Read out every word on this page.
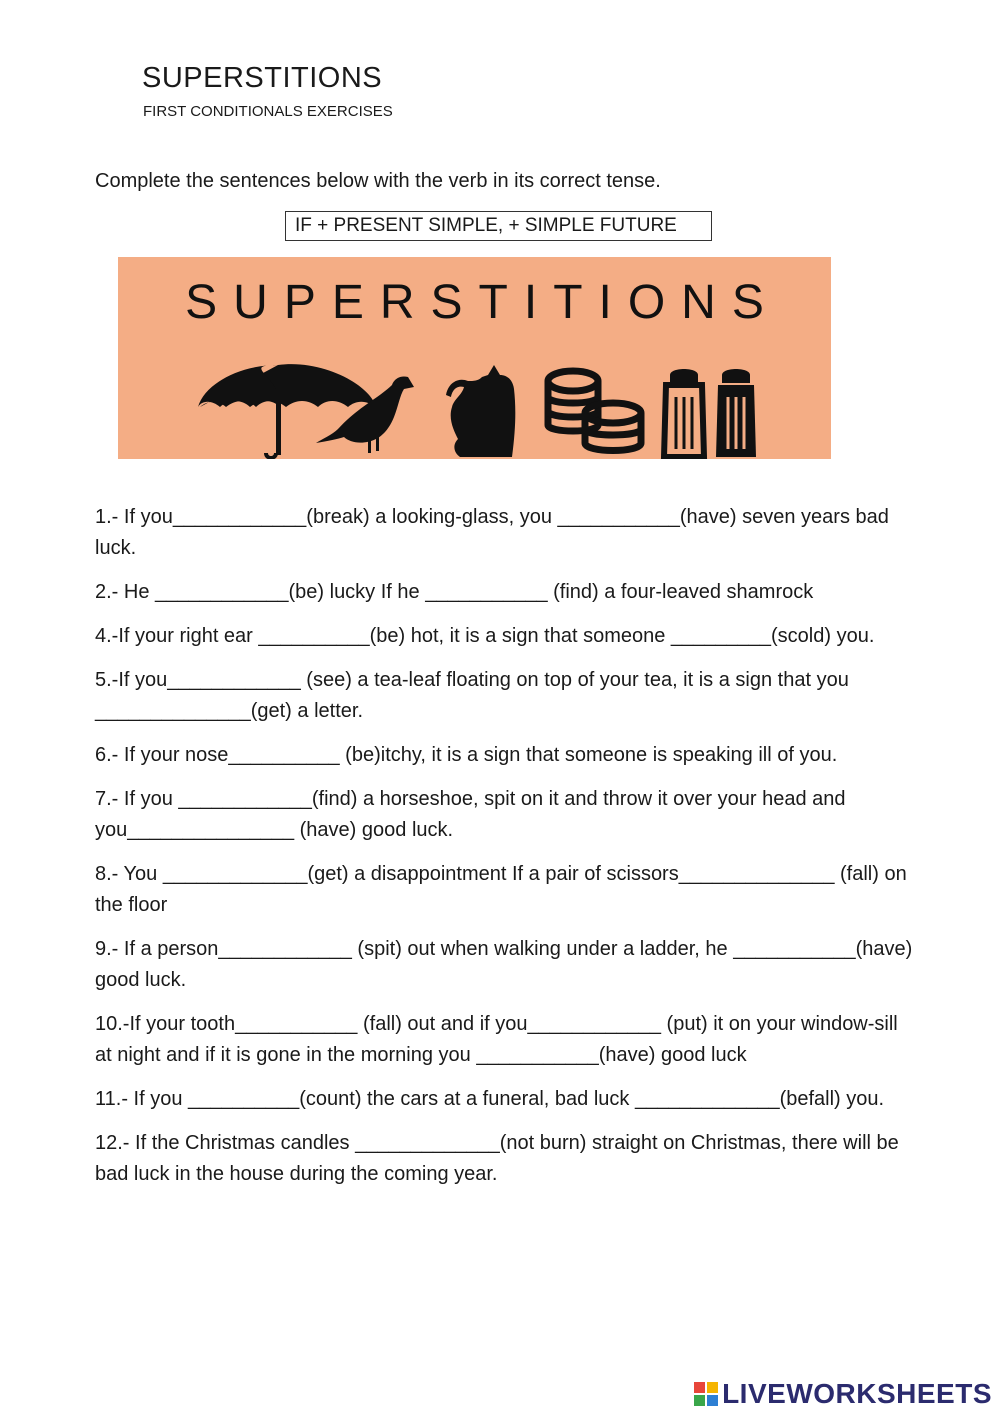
SUPERSTITIONS
FIRST CONDITIONALS EXERCISES
Complete the sentences below with the verb in its correct tense.
IF + PRESENT SIMPLE, + SIMPLE FUTURE
SUPERSTITIONS

1.- If you____________(break) a looking-glass, you ___________(have) seven years bad luck.

2.- He ____________(be) lucky If he ___________ (find) a four-leaved shamrock

4.-If your right ear __________(be) hot, it is a sign that someone _________(scold) you.

5.-If you____________ (see) a tea-leaf floating on top of your tea, it is a sign that you ______________(get) a letter.

6.- If your nose__________ (be)itchy, it is a sign that someone is speaking ill of you.

7.- If you ____________(find) a horseshoe, spit on it and throw it over your head and you_______________ (have) good luck.

8.- You _____________(get) a disappointment If a pair of scissors______________ (fall) on the floor

9.- If a person____________ (spit) out when walking under a ladder, he ___________(have) good luck.

10.-If your tooth___________ (fall) out and if you____________ (put) it on your window-sill at night and if it is gone in the morning you ___________(have) good luck

11.- If you __________(count) the cars at a funeral, bad luck _____________(befall) you.

12.- If the Christmas candles _____________(not burn) straight on Christmas, there will be bad luck in the house during the coming year.

LIVEWORKSHEETS
